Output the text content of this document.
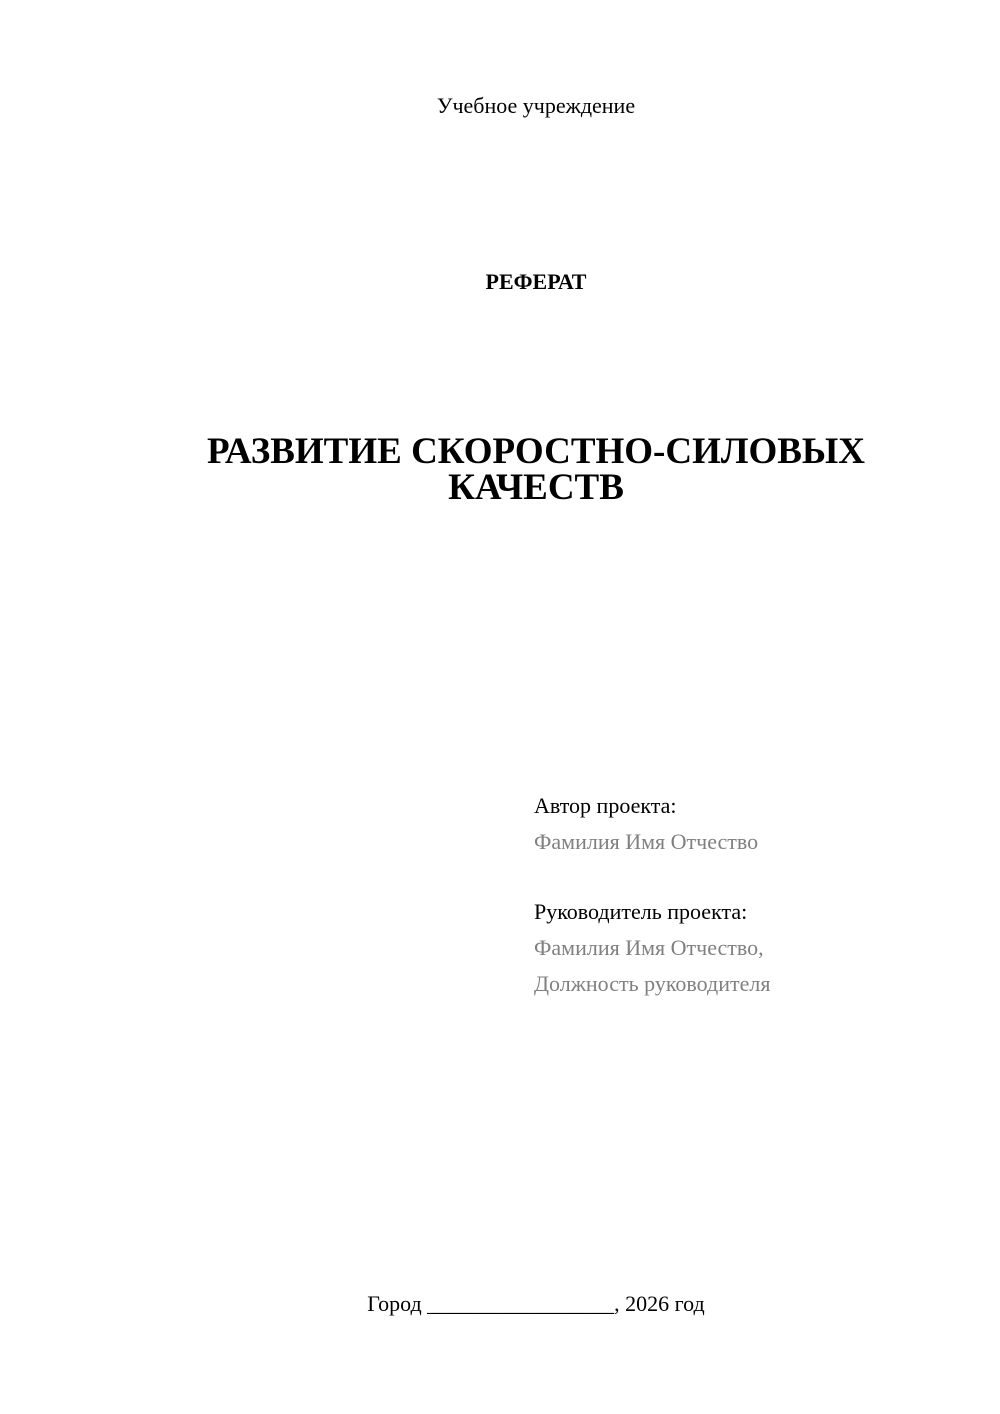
Учебное учреждение
РЕФЕРАТ
РАЗВИТИЕ СКОРОСТНО-СИЛОВЫХ
КАЧЕСТВ
Автор проекта:
Фамилия Имя Отчество
Руководитель проекта:
Фамилия Имя Отчество,
Должность руководителя
Город _________________, 2026 год
